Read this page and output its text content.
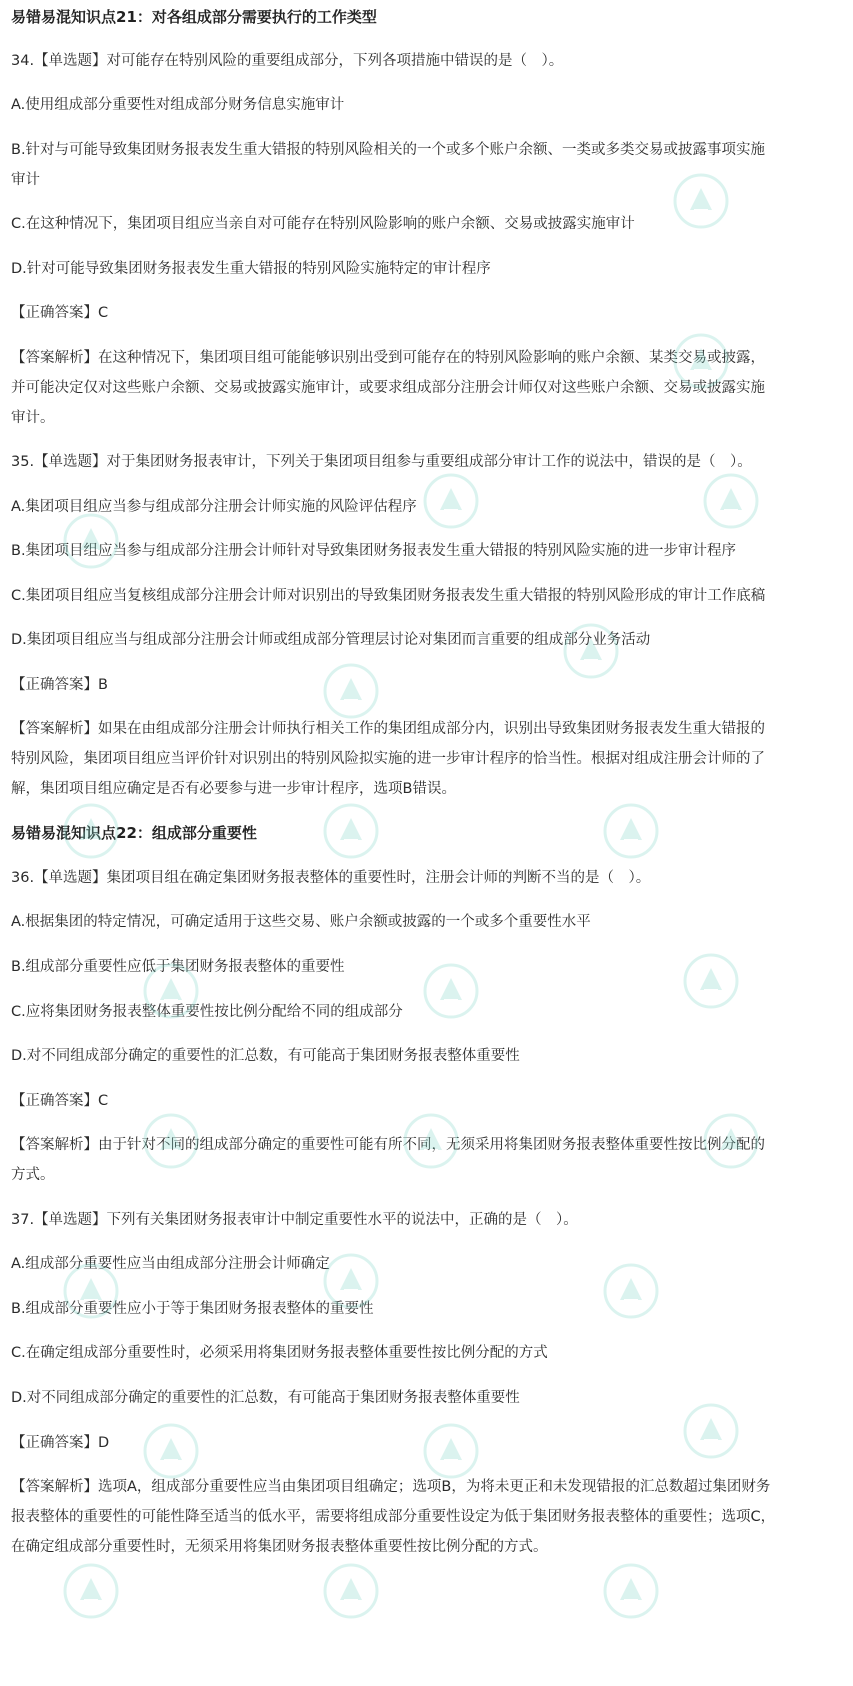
易错易混知识点21：对各组成部分需要执行的工作类型
34.【单选题】对可能存在特别风险的重要组成部分，下列各项措施中错误的是（　）。
A.使用组成部分重要性对组成部分财务信息实施审计
B.针对与可能导致集团财务报表发生重大错报的特别风险相关的一个或多个账户余额、一类或多类交易或披露事项实施
审计
C.在这种情况下，集团项目组应当亲自对可能存在特别风险影响的账户余额、交易或披露实施审计
D.针对可能导致集团财务报表发生重大错报的特别风险实施特定的审计程序
【正确答案】C
【答案解析】在这种情况下，集团项目组可能能够识别出受到可能存在的特别风险影响的账户余额、某类交易或披露，
并可能决定仅对这些账户余额、交易或披露实施审计，或要求组成部分注册会计师仅对这些账户余额、交易或披露实施
审计。
35.【单选题】对于集团财务报表审计，下列关于集团项目组参与重要组成部分审计工作的说法中，错误的是（　）。
A.集团项目组应当参与组成部分注册会计师实施的风险评估程序
B.集团项目组应当参与组成部分注册会计师针对导致集团财务报表发生重大错报的特别风险实施的进一步审计程序
C.集团项目组应当复核组成部分注册会计师对识别出的导致集团财务报表发生重大错报的特别风险形成的审计工作底稿
D.集团项目组应当与组成部分注册会计师或组成部分管理层讨论对集团而言重要的组成部分业务活动
【正确答案】B
【答案解析】如果在由组成部分注册会计师执行相关工作的集团组成部分内，识别出导致集团财务报表发生重大错报的
特别风险，集团项目组应当评价针对识别出的特别风险拟实施的进一步审计程序的恰当性。根据对组成注册会计师的了
解，集团项目组应确定是否有必要参与进一步审计程序，选项B错误。
易错易混知识点22：组成部分重要性
36.【单选题】集团项目组在确定集团财务报表整体的重要性时，注册会计师的判断不当的是（　）。
A.根据集团的特定情况，可确定适用于这些交易、账户余额或披露的一个或多个重要性水平
B.组成部分重要性应低于集团财务报表整体的重要性
C.应将集团财务报表整体重要性按比例分配给不同的组成部分
D.对不同组成部分确定的重要性的汇总数，有可能高于集团财务报表整体重要性
【正确答案】C
【答案解析】由于针对不同的组成部分确定的重要性可能有所不同，无须采用将集团财务报表整体重要性按比例分配的
方式。
37.【单选题】下列有关集团财务报表审计中制定重要性水平的说法中，正确的是（　）。
A.组成部分重要性应当由组成部分注册会计师确定
B.组成部分重要性应小于等于集团财务报表整体的重要性
C.在确定组成部分重要性时，必须采用将集团财务报表整体重要性按比例分配的方式
D.对不同组成部分确定的重要性的汇总数，有可能高于集团财务报表整体重要性
【正确答案】D
【答案解析】选项A，组成部分重要性应当由集团项目组确定；选项B，为将未更正和未发现错报的汇总数超过集团财务
报表整体的重要性的可能性降至适当的低水平，需要将组成部分重要性设定为低于集团财务报表整体的重要性；选项C，
在确定组成部分重要性时，无须采用将集团财务报表整体重要性按比例分配的方式。
